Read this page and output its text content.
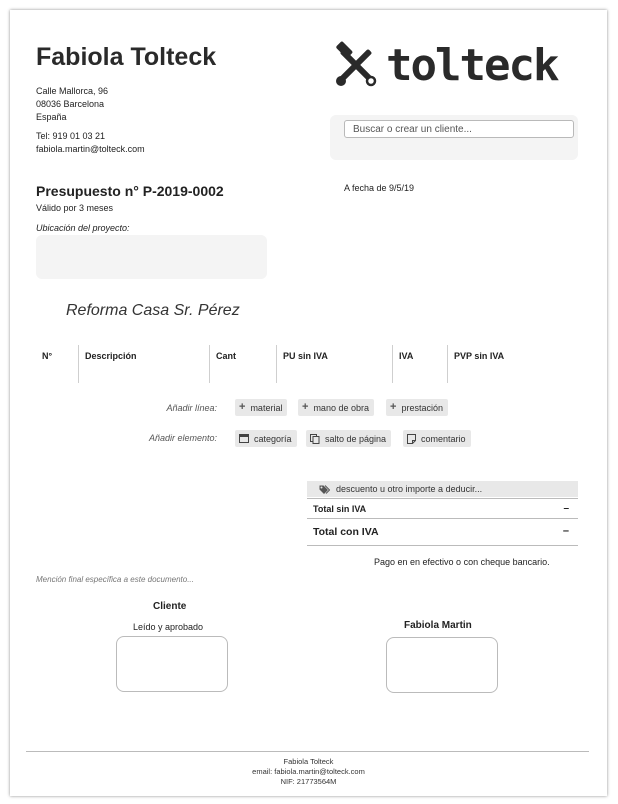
Fabiola Tolteck
Calle Mallorca, 96
08036 Barcelona
España
Tel: 919 01 03 21
fabiola.martin@tolteck.com
tolteck
Buscar o crear un cliente...
Presupuesto n° P-2019-0002
Válido por 3 meses
A fecha de 9/5/19
Ubicación del proyecto:
Reforma Casa Sr. Pérez
N°	Descripción	Cant	PU sin IVA	IVA	PVP sin IVA
Añadir línea: + material + mano de obra + prestación
Añadir elemento:	categoría	salto de página	comentario
descuento u otro importe a deducir...
Total sin IVA	–
Total con IVA	–
Pago en en efectivo o con cheque bancario.
Mención final específica a este documento...
Cliente
Leído y aprobado	Fabiola Martin
Fabiola Tolteck
email: fabiola.martin@tolteck.com
NIF: 21773564M
